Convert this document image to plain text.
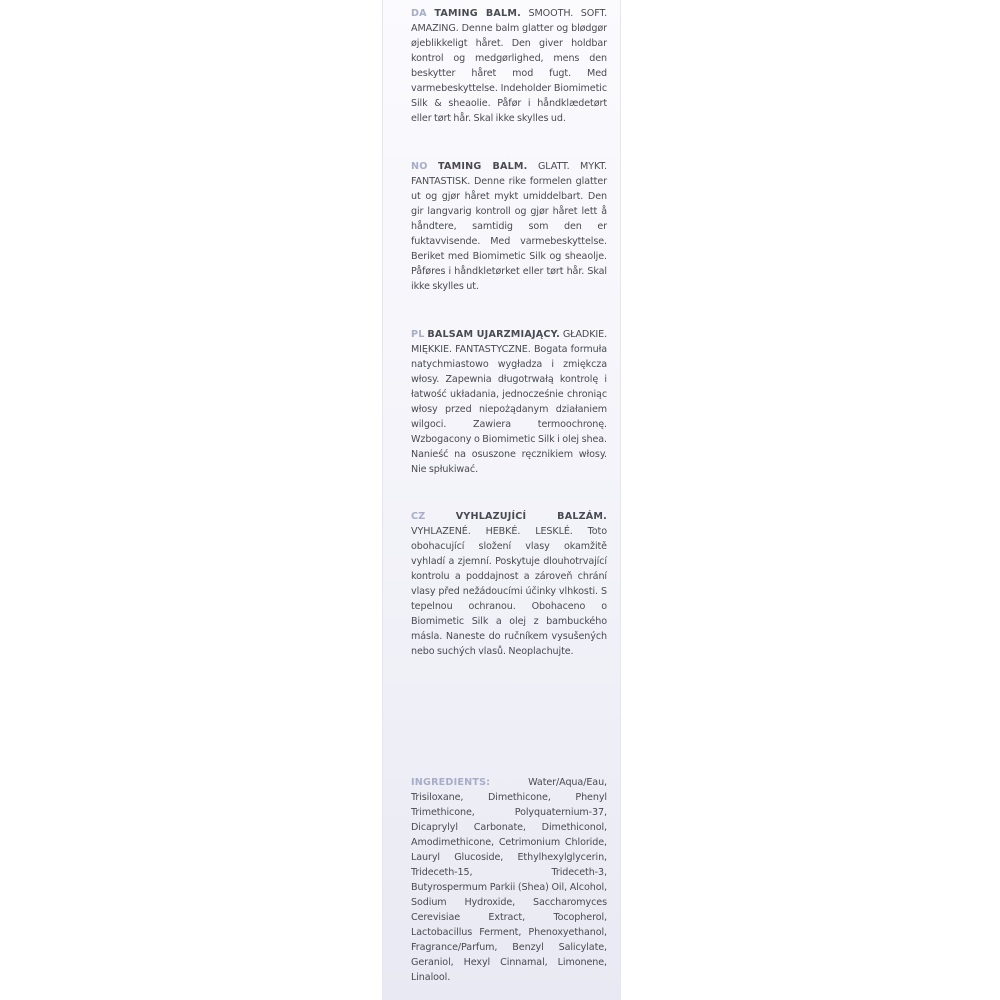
DA TAMING BALM. SMOOTH. SOFT. AMAZING. Denne balm glatter og blødgør øjeblikkeligt håret. Den giver holdbar kontrol og medgørlighed, mens den beskytter håret mod fugt. Med varmebeskyttelse. Indeholder Biomimetic Silk & sheaolie. Påfør i håndklædetørt eller tørt hår. Skal ikke skylles ud.
NO TAMING BALM. GLATT. MYKT. FANTASTISK. Denne rike formelen glatter ut og gjør håret mykt umiddelbart. Den gir langvarig kontroll og gjør håret lett å håndtere, samtidig som den er fuktavvisende. Med varmebeskyttelse. Beriket med Biomimetic Silk og sheaolje. Påføres i håndkletørket eller tørt hår. Skal ikke skylles ut.
PL BALSAM UJARZMIAJĄCY. GŁADKIE. MIĘKKIE. FANTASTYCZNE. Bogata formuła natychmiastowo wygładza i zmiękcza włosy. Zapewnia długotrwałą kontrolę i łatwość układania, jednocześnie chroniąc włosy przed niepożądanym działaniem wilgoci. Zawiera termoochronę. Wzbogacony o Biomimetic Silk i olej shea. Nanieść na osuszone ręcznikiem włosy. Nie spłukiwać.
CZ	VYHLAZUJÍCÍ BALZÁM. VYHLAZENÉ. HEBKÉ. LESKLÉ. Toto obohacující složení vlasy okamžitě vyhladí a zjemní. Poskytuje dlouhotrvající kontrolu a poddajnost a zároveň chrání vlasy před nežádoucími účinky vlhkosti. S tepelnou ochranou. Obohaceno o Biomimetic Silk a olej z bambuckého másla. Naneste do ručníkem vysušených nebo suchých vlasů. Neoplachujte.
INGREDIENTS:	Water/Aqua/Eau, Trisiloxane, Dimethicone, Phenyl Trimethicone, Polyquaternium-37, Dicaprylyl Carbonate, Dimethiconol, Amodimethicone, Cetrimonium Chloride, Lauryl Glucoside, Ethylhexylglycerin, Trideceth-15, Trideceth-3, Butyrospermum Parkii (Shea) Oil, Alcohol, Sodium Hydroxide, Saccharomyces Cerevisiae Extract, Tocopherol, Lactobacillus Ferment, Phenoxyethanol, Fragrance/Parfum, Benzyl Salicylate, Geraniol, Hexyl Cinnamal, Limonene, Linalool.
